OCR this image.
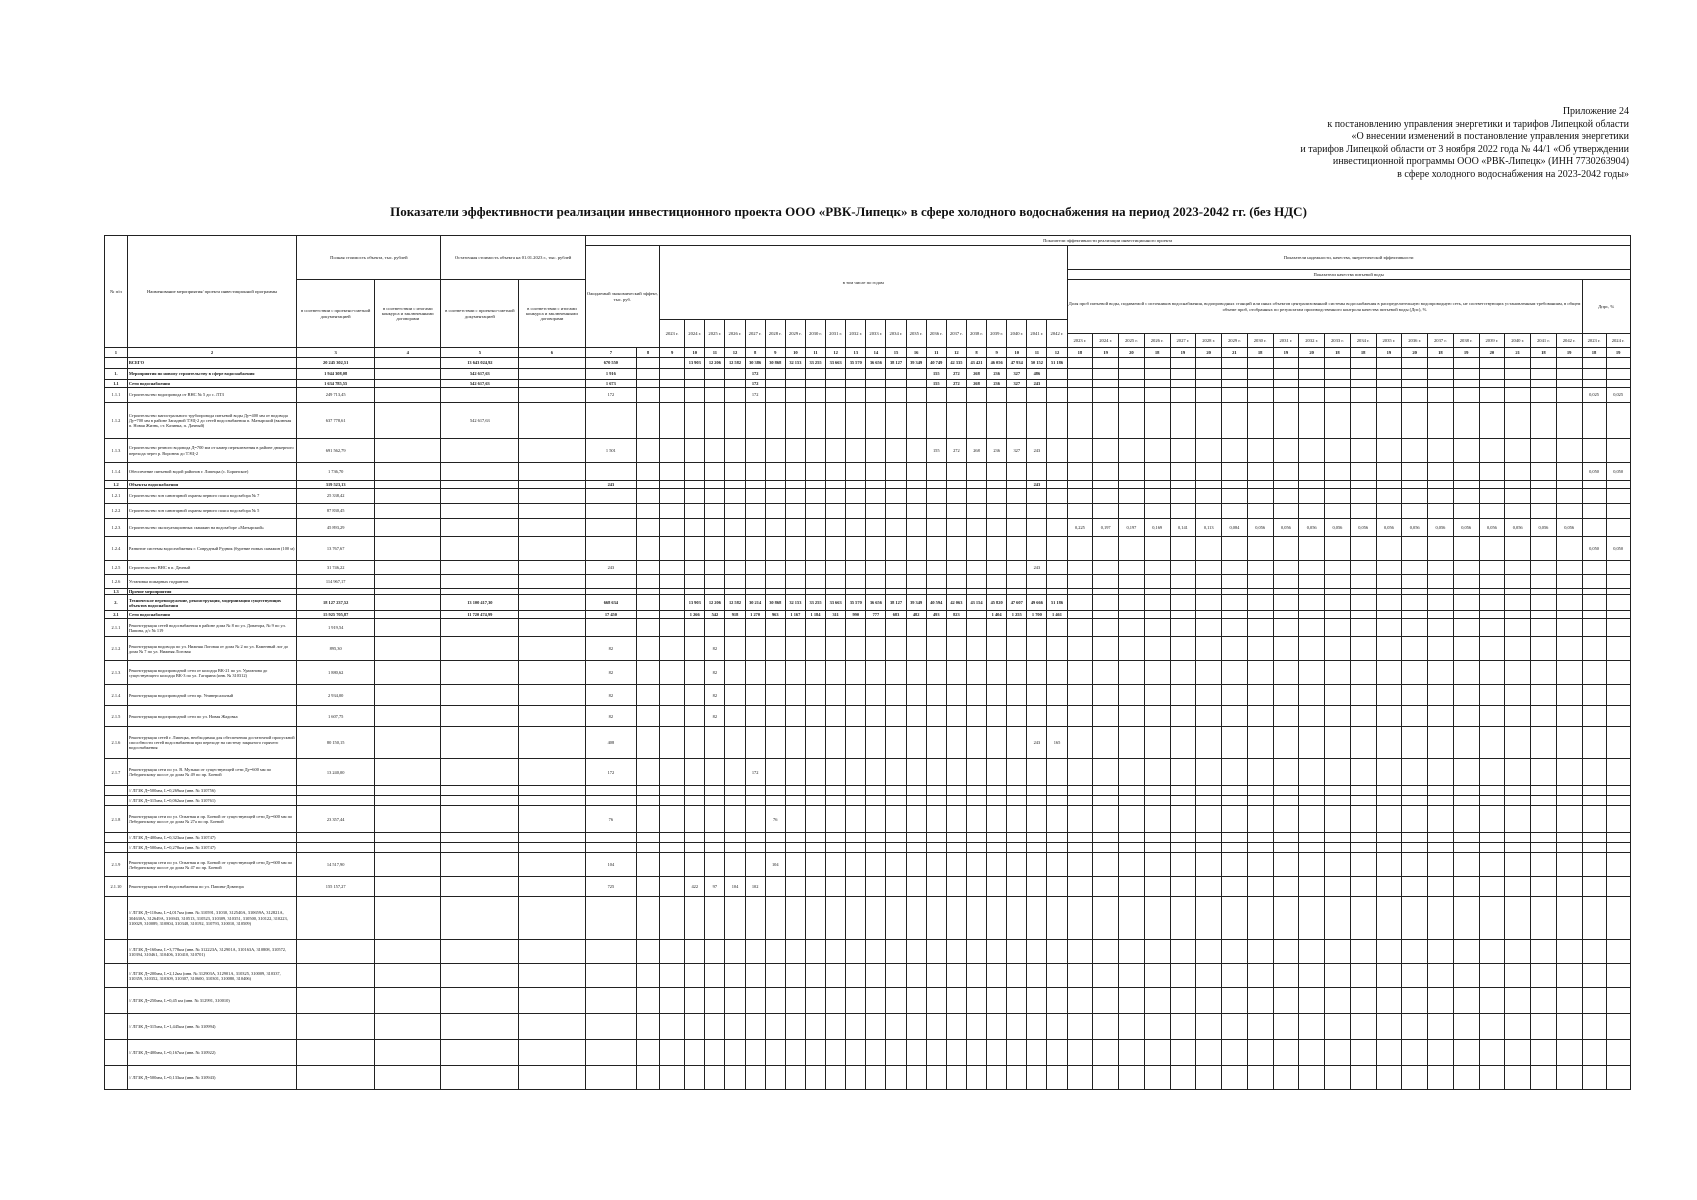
Приложение 24
к постановлению управления энергетики и тарифов Липецкой области
«О внесении изменений в постановление управления энергетики
и тарифов Липецкой области от 3 ноября 2022 года № 44/1 «Об утверждении
инвестиционной программы ООО «РВК-Липецк» (ИНН 7730263904)
в сфере холодного водоснабжения на 2023-2042 годы»
Показатели эффективности реализации инвестиционного проекта ООО «РВК-Липецк» в сфере холодного водоснабжения на период 2023-2042 гг. (без НДС)
№ п/п	Наименование мероприятия/ проекта инвестиционной программы	Полная стоимость объекта, тыс. рублей		Остаточная стоимость объекта на 01.01.2023 г., тыс. рублей		Показатели эффективности реализации инвестиционного проекта																																											
						Ожидаемый экономический эффект, тыс. руб.		в том числе по годам																				Показатели надежности, качества, энергетической эффективности																					
																												Показатели качества питьевой воды																					
		в соответствии с проектно-сметной документацией	в соответствии с итогами конкурса и заключенными договорами	в соответствии с проектно-сметной документацией	в соответствии с итогами конкурса и заключенными договорами																							Доля проб питьевой воды, подаваемой с источников водоснабжения, водопроводных станций или иных объектов централизованной системы водоснабжения в распределительную водопроводную сеть, не соответствующих установленным требованиям, в общем объеме проб, отобранных по результатам производственного контроля качества питьевой воды (Дпс), %																				Дпрс, %	
								2023 г.	2024 г.	2025 г.	2026 г.	2027 г.	2028 г.	2029 г.	2030 г.	2031 г.	2032 г.	2033 г.	2034 г.	2035 г.	2036 г.	2037 г.	2038 г.	2039 г.	2040 г.	2041 г.	2042 г.																						
																												2023 г.	2024 г.	2025 г.	2026 г.	2027 г.	2028 г.	2029 г.	2030 г.	2031 г.	2032 г.	2033 г.	2034 г.	2035 г.	2036 г.	2037 г.	2038 г.	2039 г.	2040 г.	2041 г.	2042 г.	2023 г.	2024 г.
1	2	3	4	5	6	7	8	9	10	11	12	8	9	10	11	12	13	14	15	16	11	12	8	9	10	11	12	18	19	20	18	19	20	21	18	19	20	18	18	19	20	18	19	20	21	18	19	18	19
	ВСЕГО	20 245 302,51		13 643 024,92		670 550			13 903	12 206	12 582	30 386	30 868	32 153	33 255	33 663	35 570	36 656	38 127	39 349	40 749	42 335	43 421	46 056	47 934	50 152	51 186																						
1.	Мероприятия по новому строительству в сфере водоснабжения	1 944 308,08		542 617,63		1 916						172									155	272	268	236	327	486																							
1.1	Сети водоснабжения	1 634 785,55		542 617,63		1 673						172									155	272	268	236	327	243																							
1.1.1	Строительство водопровода от ВНС № 5 до с. ЛТЗ	249 713,45				172						172																																				0,025	0,025
1.1.2	Строительство магистрального трубопровода питьевой воды Ду=400 мм от водовода Ду=700 мм в районе Западной ТЭЦ-2 до сетей водоснабжения п. Матырский (включая п. Новая Жизнь, ст. Казинка, п. Дачный)	637 778,61		542 617,63																																													
1.1.3	Строительство речного водовода Д=700 мм от камер переключения в районе дюкерного перехода через р. Воронеж до ТЭЦ-2	691 562,79				1 501															155	272	268	236	327	243																							
1.1.4	Обеспечение питьевой водой районов г. Липецка (с. Боринское)	1 736,70																																														0,050	0,050
1.2	Объекты водоснабжения	319 523,13				243																				243																							
1.2.1	Строительство зон санитарной охраны первого пояса водозабора № 7	25 338,42																																															
1.2.2	Строительство зон санитарной охраны первого пояса водозабора № 5	87 830,45																																															
1.2.3	Строительство эксплуатационных скважин на водозаборе «Матырский»	45 893,29																										0,225	0,197	0,197	0,169	0,141	0,113	0,084	0,056	0,056	0,056	0,056	0,056	0,056	0,056	0,056	0,056	0,056	0,056	0,056	0,056		
1.2.4	Развитие системы водоснабжения г. Соврудный Рудник (бурение новых скважин (100 м)	13 767,67																																														0,050	0,050
1.2.5	Строительство ВНС в п. Дачный	31 746,22				243																				243																							
1.2.6	Установка пожарных гидрантов	114 967,17																																															
1.3	Прочие мероприятия																																																
2.	Техническое перевооружение, реконструкция, модернизация существующих объектов водоснабжения	18 127 237,52		13 100 417,30		668 634			13 903	12 206	12 582	30 214	30 868	32 153	33 255	33 663	35 570	36 656	38 127	39 349	40 594	42 063	43 154	45 820	47 607	49 666	51 186																						
2.1	Сети водоснабжения	15 925 705,87		11 720 474,99		17 450			1 266	542	918	1 270	963	1 167	1 184	311	990	777	683	482	493	823		1 404	1 255	1 700	1 461																						
2.1.1	Реконструкция сетей водоснабжения в районе дома № 8 по ул. Доватора, № 9 по ул. Папина, д/с № 119	1 919,54																																															
2.1.2	Реконструкция водовода по ул. Нижняя Логовая от дома № 2 по ул. Каменный лог до дома № 7 по ул. Нижняя Логовая	895,30				82				82																																							
2.1.3	Реконструкция водопроводной сети от колодца ВК-21 по ул. Ураганова до существующего колодца ВК-3 по ул. Гагарина (инв. № 310312)	1 880,62				82				82																																							
2.1.4	Реконструкция водопроводной сети пр. Универсальный	2 934,00				82				82																																							
2.1.5	Реконструкция водопроводной сети по ул. Новая Жадовка	1 607,75				82				82																																							
2.1.6	Реконструкция сетей г. Липецка, необходимая для обеспечения достаточной пропускной способности сетей водоснабжения при переходе на систему закрытого горячего водоснабжения	80 150,15				408																				243	165																						
2.1.7	Реконструкция сети по ул. В. Музыки от существующей сети Ду=600 мм по Лебединскому шоссе до дома № 49 по пр. Боевой	13 240,00				172						172																																					
	// ЛГЗК Д=500мм, L=0,269км (инв. № 310756)																																																
	// ЛГЗК Д=315мм, L=0,062км (инв. № 310761)																																																
2.1.8	Реконструкция сети по ул. Опытная и пр. Боевой от существующей сети Ду=600 мм по Лебединскому шоссе до дома № 27а по пр. Боевой	23 357,44				76							76																																				
	// ЛГЗК Д=400мм, L=0,323км (инв. № 310747)																																																
	// ЛГЗК Д=500мм, L=0,278км (инв. № 310747)																																																
2.1.9	Реконструкция сети по ул. Опытная и пр. Боевой от существующей сети Ду=600 мм по Лебединскому шоссе до дома № 47 по пр. Боевой	14 517,90				104							104																																				
2.1.10	Реконструкция сетей водоснабжения по ул. Папина-Доватора	155 157,27				725			422	97	104	102																																					
	// ЛГЗК Д=110мм, L=4,017км (инв. № 310591, 31030, 312540А, 310659А, 312821А, 304630А, 312649А, 316943, 310513, 310523, 310309, 310351, 310500, 310122, 310223, 310029, 310089, 310804, 310348, 310192, 310793, 310010, 310509)																																																
	// ЛГЗК Д=160мм, L=3,778км (инв. № 312223А, 312901А, 310163А, 310808, 310572, 310394, 310461, 310406, 310410, 310701)																																																
	// ЛГЗК Д=200мм, L=2,12км (инв. № 312903А, 312901А, 310325, 310009, 310337, 310359, 310352, 310309, 310307, 310600, 310301, 310080, 310406)																																																
	// ЛГЗК Д=250мм, L=0,45 км (инв. № 312991, 310010)																																																
	// ЛГЗК Д=315мм, L=1,445км (инв. № 310994)																																																
	// ЛГЗК Д=400мм, L=0,167км (инв. № 310922)																																																
	// ЛГЗК Д=500мм, L=0,133км (инв. № 310943)																																																
